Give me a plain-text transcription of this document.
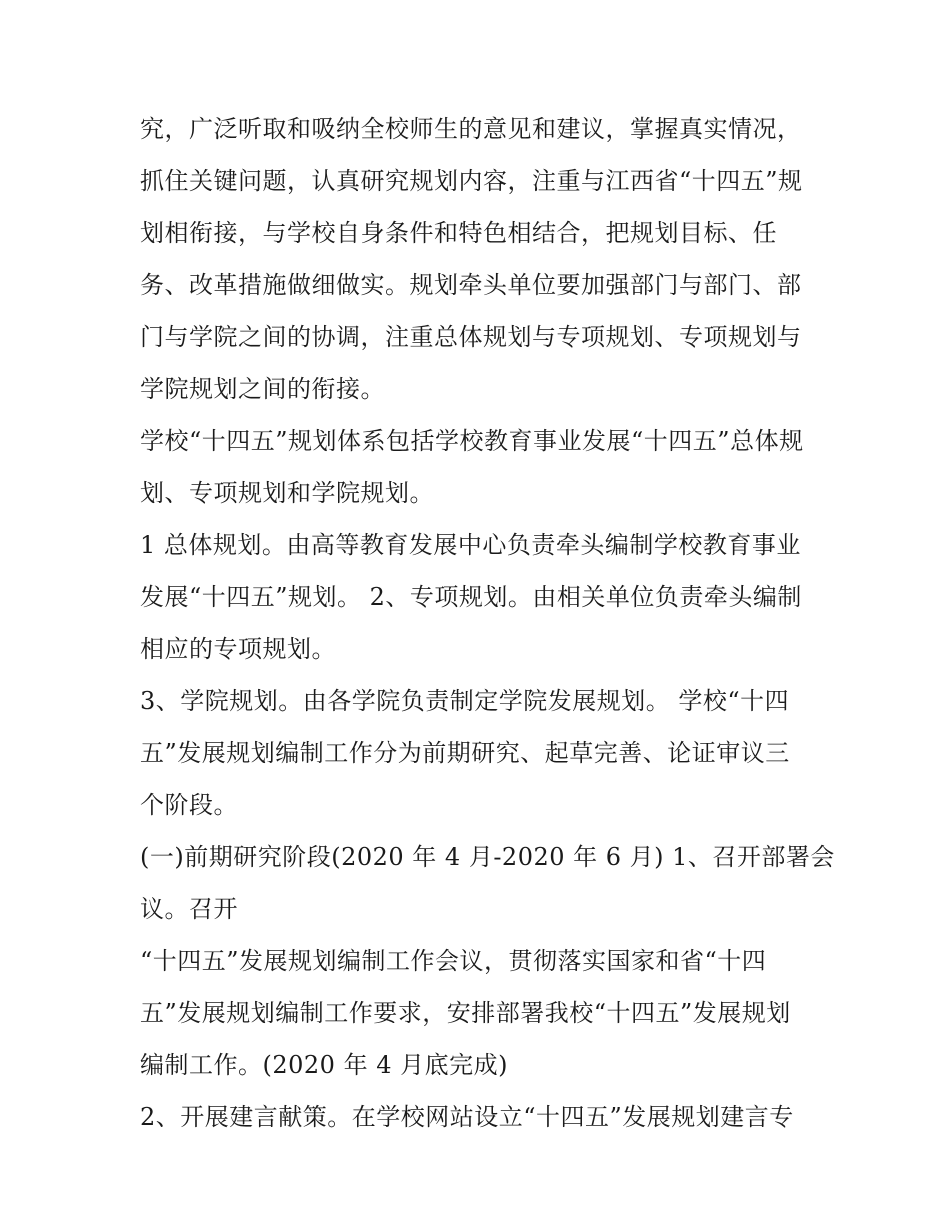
究，广泛听取和吸纳全校师生的意见和建议，掌握真实情况，
抓住关键问题，认真研究规划内容，注重与江西省“十四五”规
划相衔接，与学校自身条件和特色相结合，把规划目标、任
务、改革措施做细做实。规划牵头单位要加强部门与部门、部
门与学院之间的协调，注重总体规划与专项规划、专项规划与
学院规划之间的衔接。
学校“十四五”规划体系包括学校教育事业发展“十四五”总体规
划、专项规划和学院规划。
1 总体规划。由高等教育发展中心负责牵头编制学校教育事业
发展“十四五”规划。 2、专项规划。由相关单位负责牵头编制
相应的专项规划。
3、学院规划。由各学院负责制定学院发展规划。 学校“十四
五”发展规划编制工作分为前期研究、起草完善、论证审议三
个阶段。
(一)前期研究阶段(2020 年 4 月-2020 年 6 月) 1、召开部署会
议。召开
“十四五”发展规划编制工作会议，贯彻落实国家和省“十四
五”发展规划编制工作要求，安排部署我校“十四五”发展规划
编制工作。(2020 年 4 月底完成)
2、开展建言献策。在学校网站设立“十四五”发展规划建言专
